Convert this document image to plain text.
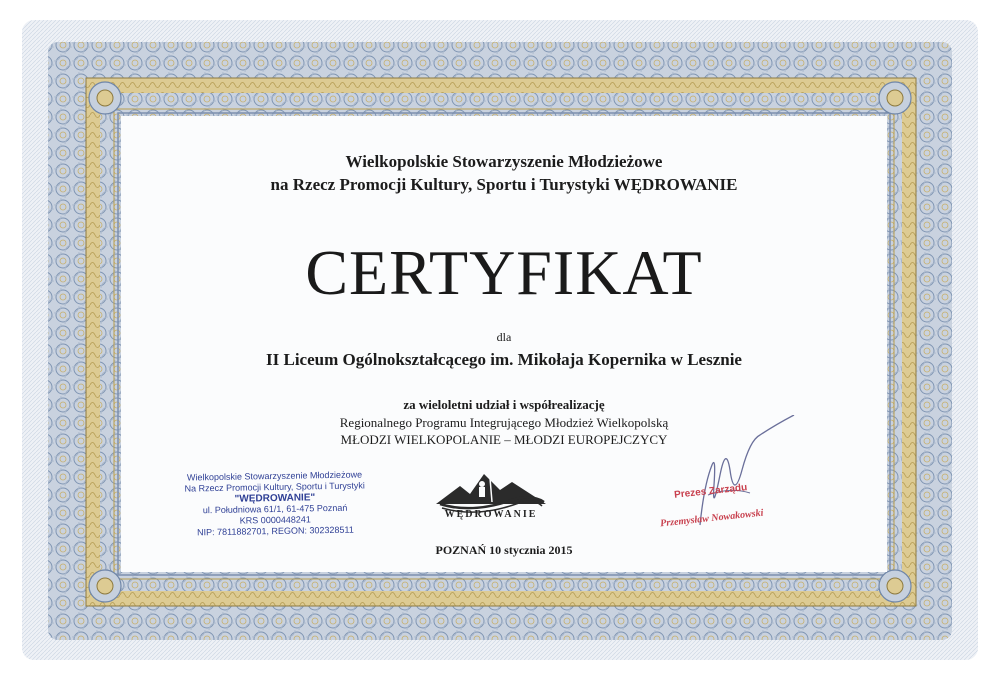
Wielkopolskie Stowarzyszenie Młodzieżowe
na Rzecz Promocji Kultury, Sportu i Turystyki WĘDROWANIE
CERTYFIKAT
dla
II Liceum Ogólnokształcącego im. Mikołaja Kopernika w Lesznie
za wieloletni udział i współrealizację
Regionalnego Programu Integrującego Młodzież Wielkopolską
MŁODZI WIELKOPOLANIE – MŁODZI EUROPEJCZYCY
Wielkopolskie Stowarzyszenie Młodzieżowe
Na Rzecz Promocji Kultury, Sportu i Turystyki
"WĘDROWANIE"
ul. Południowa 61/1, 61-475 Poznań
KRS 0000448241
NIP: 7811882701, REGON: 302328511
WĘDROWANIE
POZNAŃ 10 stycznia 2015
Prezes Zarządu
Przemysław Nowakowski
